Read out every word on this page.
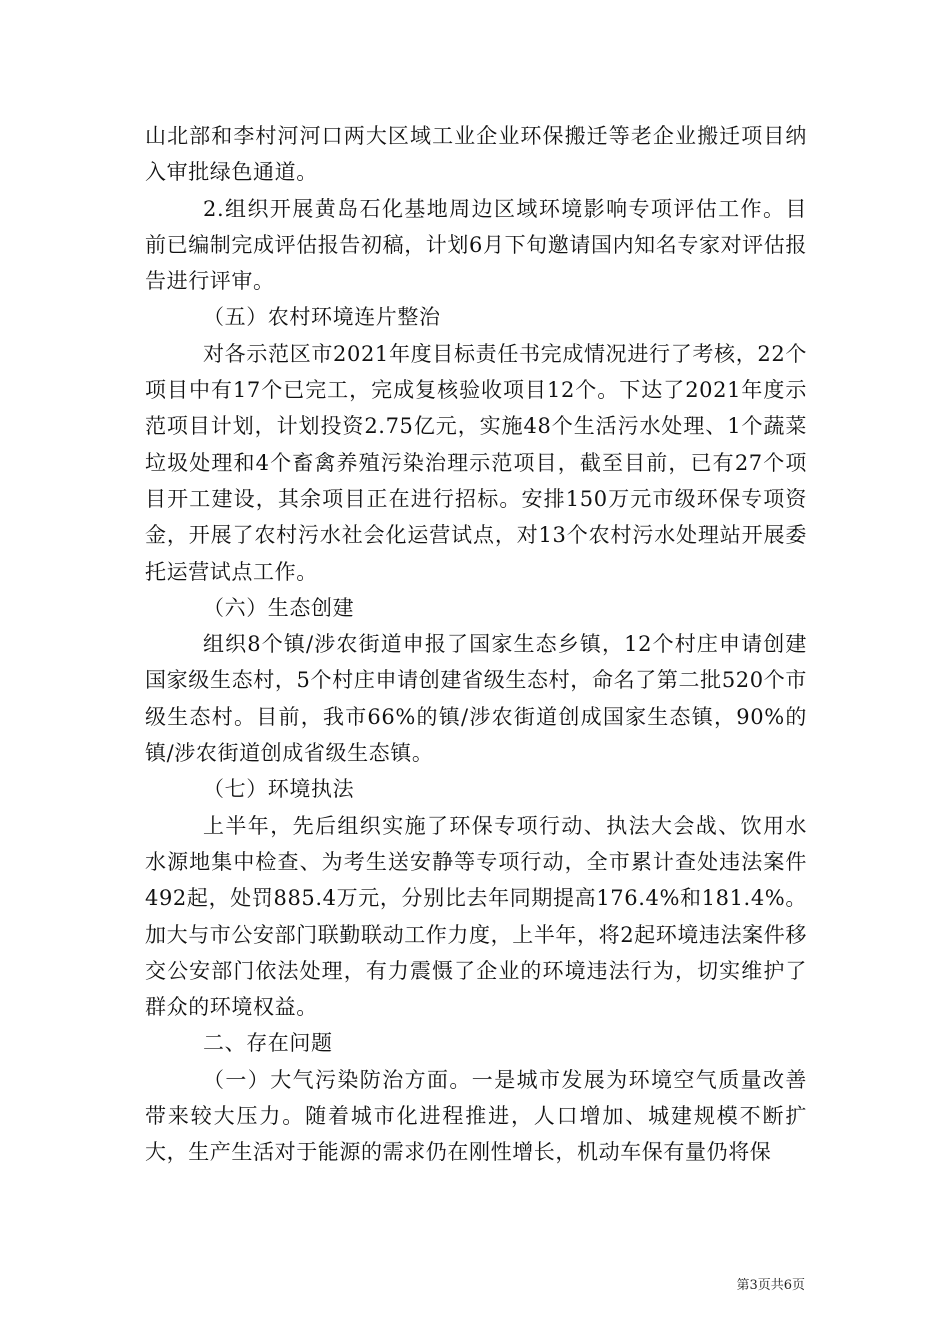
山北部和李村河河口两大区域工业企业环保搬迁等老企业搬迁项目纳入审批绿色通道。

2.组织开展黄岛石化基地周边区域环境影响专项评估工作。目前已编制完成评估报告初稿，计划6月下旬邀请国内知名专家对评估报告进行评审。

（五）农村环境连片整治

对各示范区市2021年度目标责任书完成情况进行了考核，22个项目中有17个已完工，完成复核验收项目12个。下达了2021年度示范项目计划，计划投资2.75亿元，实施48个生活污水处理、1个蔬菜垃圾处理和4个畜禽养殖污染治理示范项目，截至目前，已有27个项目开工建设，其余项目正在进行招标。安排150万元市级环保专项资金，开展了农村污水社会化运营试点，对13个农村污水处理站开展委托运营试点工作。

（六）生态创建

组织8个镇/涉农街道申报了国家生态乡镇，12个村庄申请创建国家级生态村，5个村庄申请创建省级生态村，命名了第二批520个市级生态村。目前，我市66%的镇/涉农街道创成国家生态镇，90%的镇/涉农街道创成省级生态镇。

（七）环境执法

上半年，先后组织实施了环保专项行动、执法大会战、饮用水水源地集中检查、为考生送安静等专项行动，全市累计查处违法案件492起，处罚885.4万元，分别比去年同期提高176.4%和181.4%。加大与市公安部门联勤联动工作力度，上半年，将2起环境违法案件移交公安部门依法处理，有力震慑了企业的环境违法行为，切实维护了群众的环境权益。

二、存在问题

（一）大气污染防治方面。一是城市发展为环境空气质量改善带来较大压力。随着城市化进程推进，人口增加、城建规模不断扩大，生产生活对于能源的需求仍在刚性增长，机动车保有量仍将保

第3页共6页
